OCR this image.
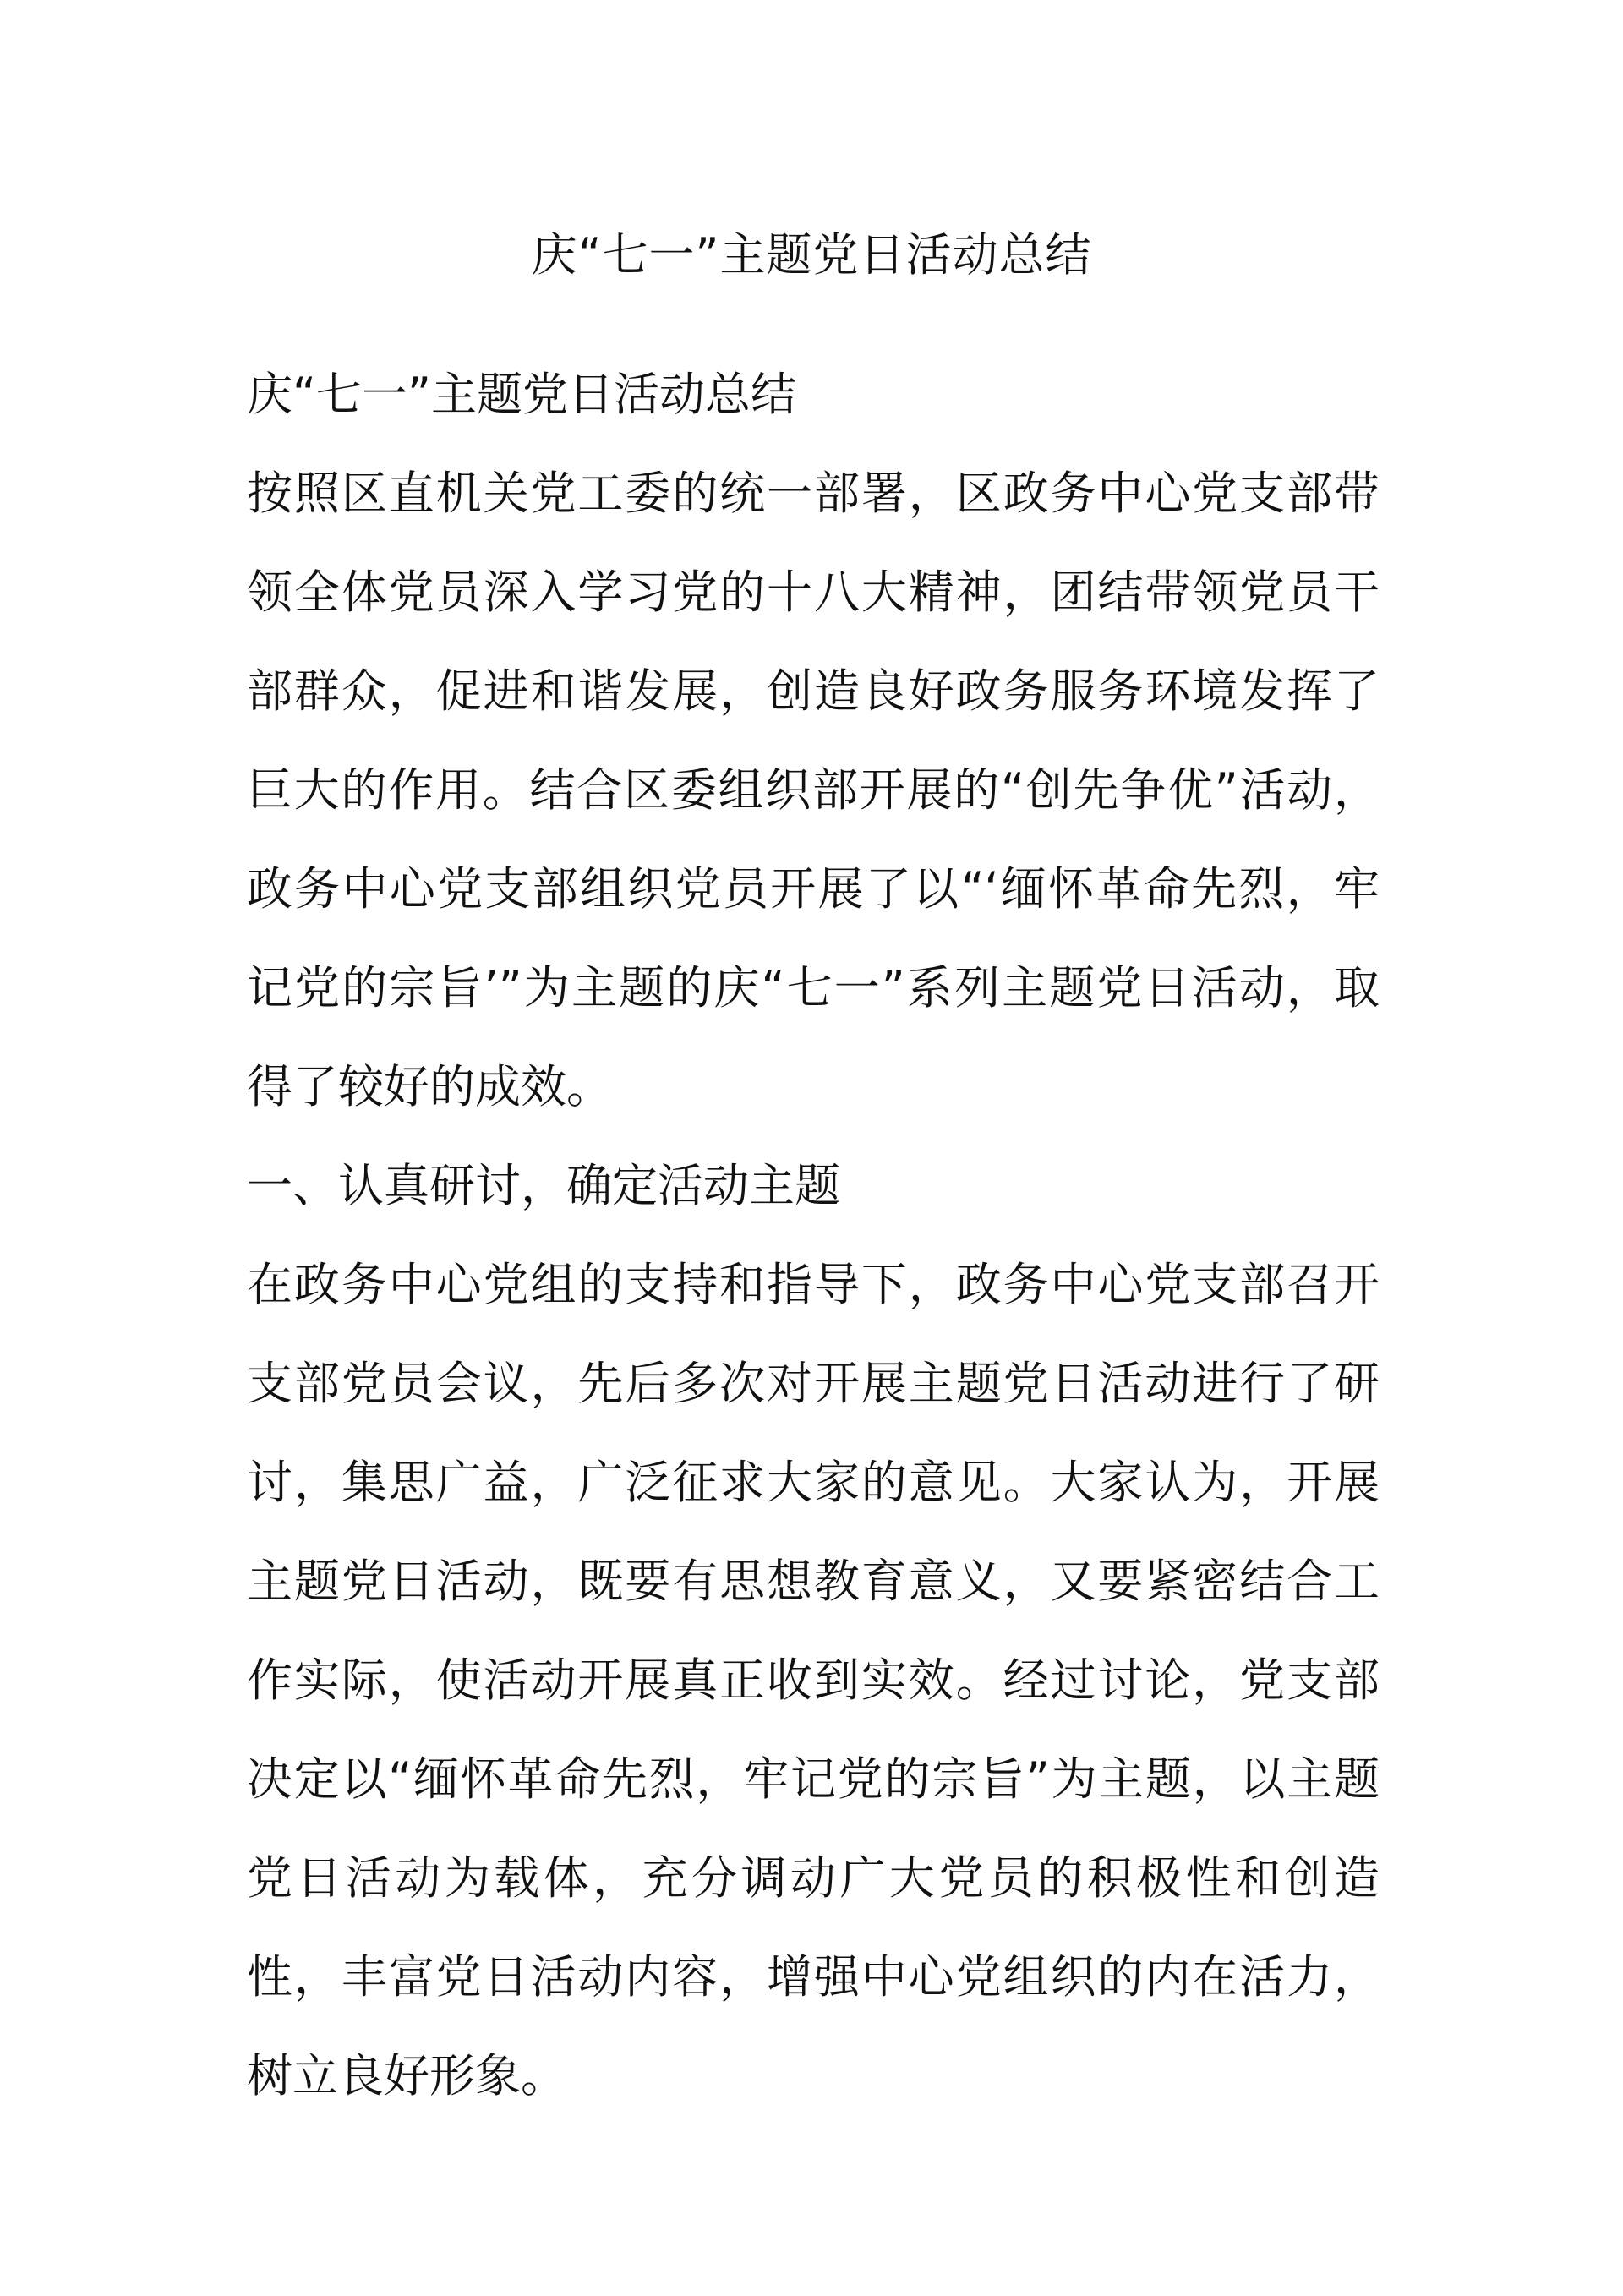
庆“七一”主题党日活动总结

庆“七一”主题党日活动总结

按照区直机关党工委的统一部署，区政务中心党支部带领全体党员深入学习党的十八大精神，团结带领党员干部群众，促进和谐发展，创造良好政务服务环境发挥了巨大的作用。结合区委组织部开展的“创先争优”活动，政务中心党支部组织党员开展了以“‘缅怀革命先烈，牢记党的宗旨’”为主题的庆“七一”系列主题党日活动，取得了较好的成效。

一、认真研讨，确定活动主题

在政务中心党组的支持和指导下，政务中心党支部召开支部党员会议，先后多次对开展主题党日活动进行了研讨，集思广益，广泛征求大家的意见。大家认为，开展主题党日活动，既要有思想教育意义，又要紧密结合工作实际，使活动开展真正收到实效。经过讨论，党支部决定以“缅怀革命先烈，牢记党的宗旨”为主题，以主题党日活动为载体，充分调动广大党员的积极性和创造性，丰富党日活动内容，增强中心党组织的内在活力，树立良好形象。
